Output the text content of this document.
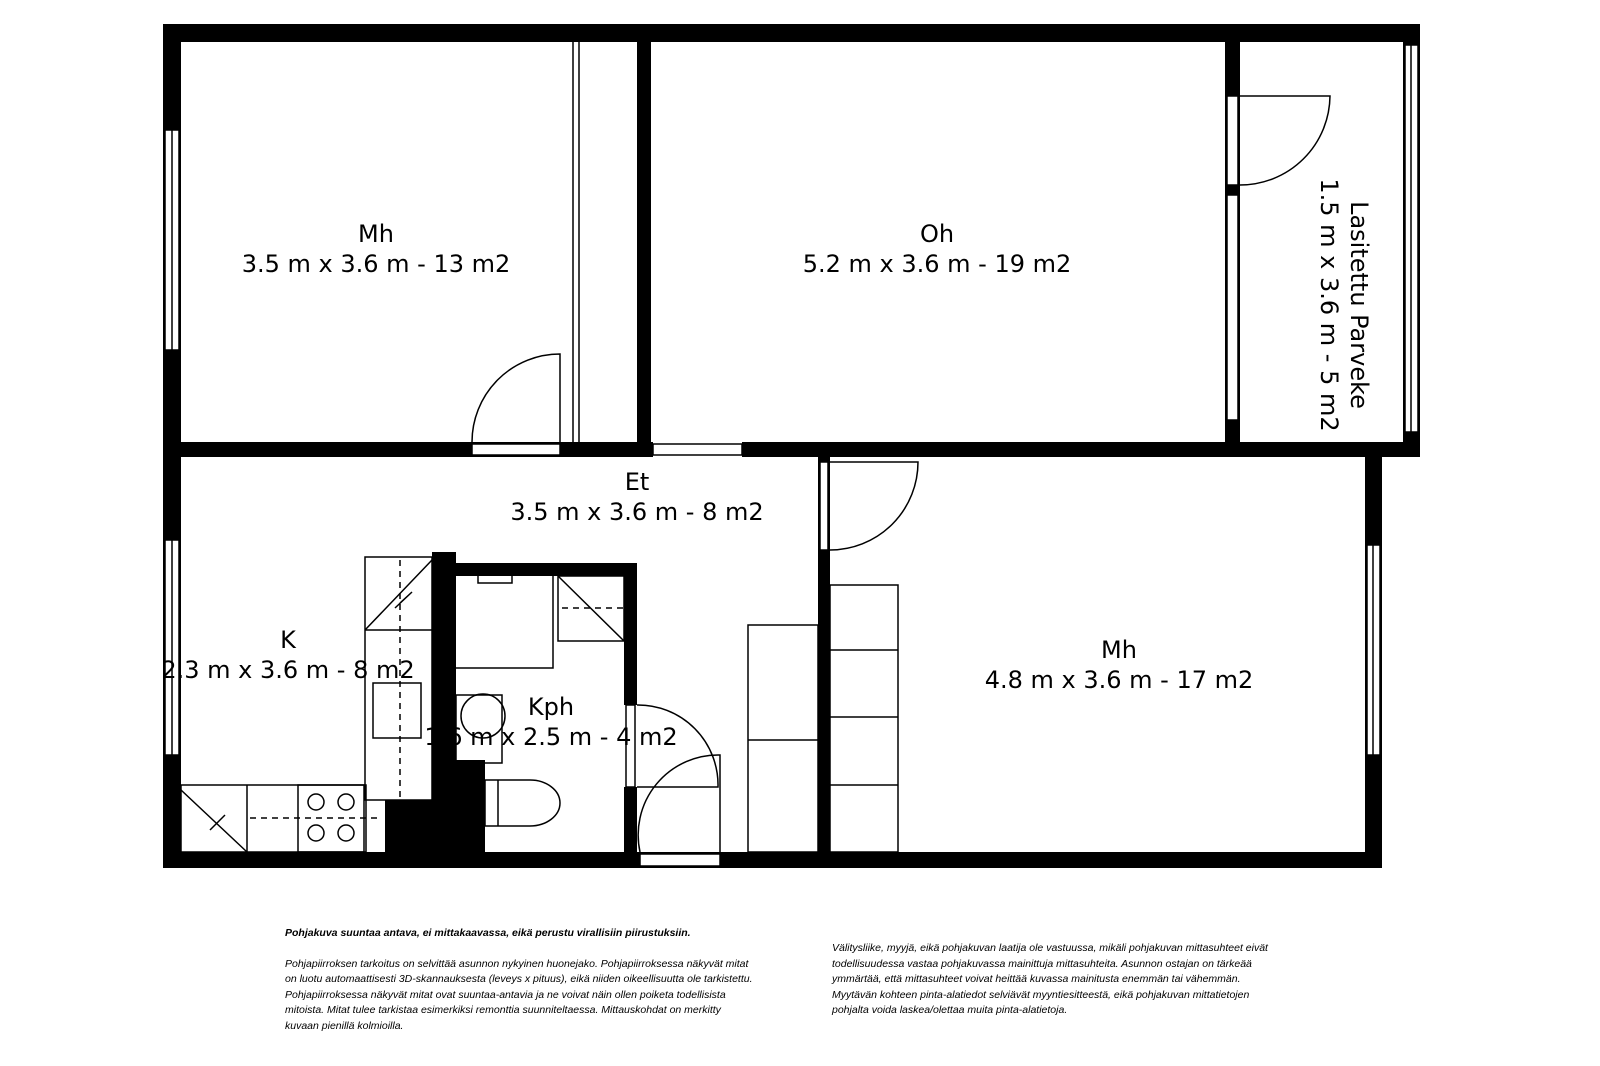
Mh
3.5 m x 3.6 m - 13 m2
Oh
5.2 m x 3.6 m - 19 m2	Lasitettu Parveke
1.5 m x 3.6 m - 5 m2
Et
3.5 m x 3.6 m - 8 m2
K
2.3 m x 3.6 m - 8 m2
Kph
1.6 m x 2.5 m - 4 m2
Mh
4.8 m x 3.6 m - 17 m2

Pohjakuva suuntaa antava, ei mittakaavassa, eikä perustu virallisiin piirustuksiin.

Pohjapiirroksen tarkoitus on selvittää asunnon nykyinen huonejako. Pohjapiirroksessa näkyvät mitat on luotu automaattisesti 3D-skannauksesta (leveys x pituus), eikä niiden oikeellisuutta ole tarkistettu. Pohjapiirroksessa näkyvät mitat ovat suuntaa-antavia ja ne voivat näin ollen poiketa todellisista mitoista. Mitat tulee tarkistaa esimerkiksi remonttia suunniteltaessa. Mittauskohdat on merkitty kuvaan pienillä kolmioilla.

Välitysliike, myyjä, eikä pohjakuvan laatija ole vastuussa, mikäli pohjakuvan mittasuhteet eivät todellisuudessa vastaa pohjakuvassa mainittuja mittasuhteita. Asunnon ostajan on tärkeää ymmärtää, että mittasuhteet voivat heittää kuvassa mainitusta enemmän tai vähemmän. Myytävän kohteen pinta-alatiedot selviävät myyntiesitteestä, eikä pohjakuvan mittatietojen pohjalta voida laskea/olettaa muita pinta-alatietoja.
